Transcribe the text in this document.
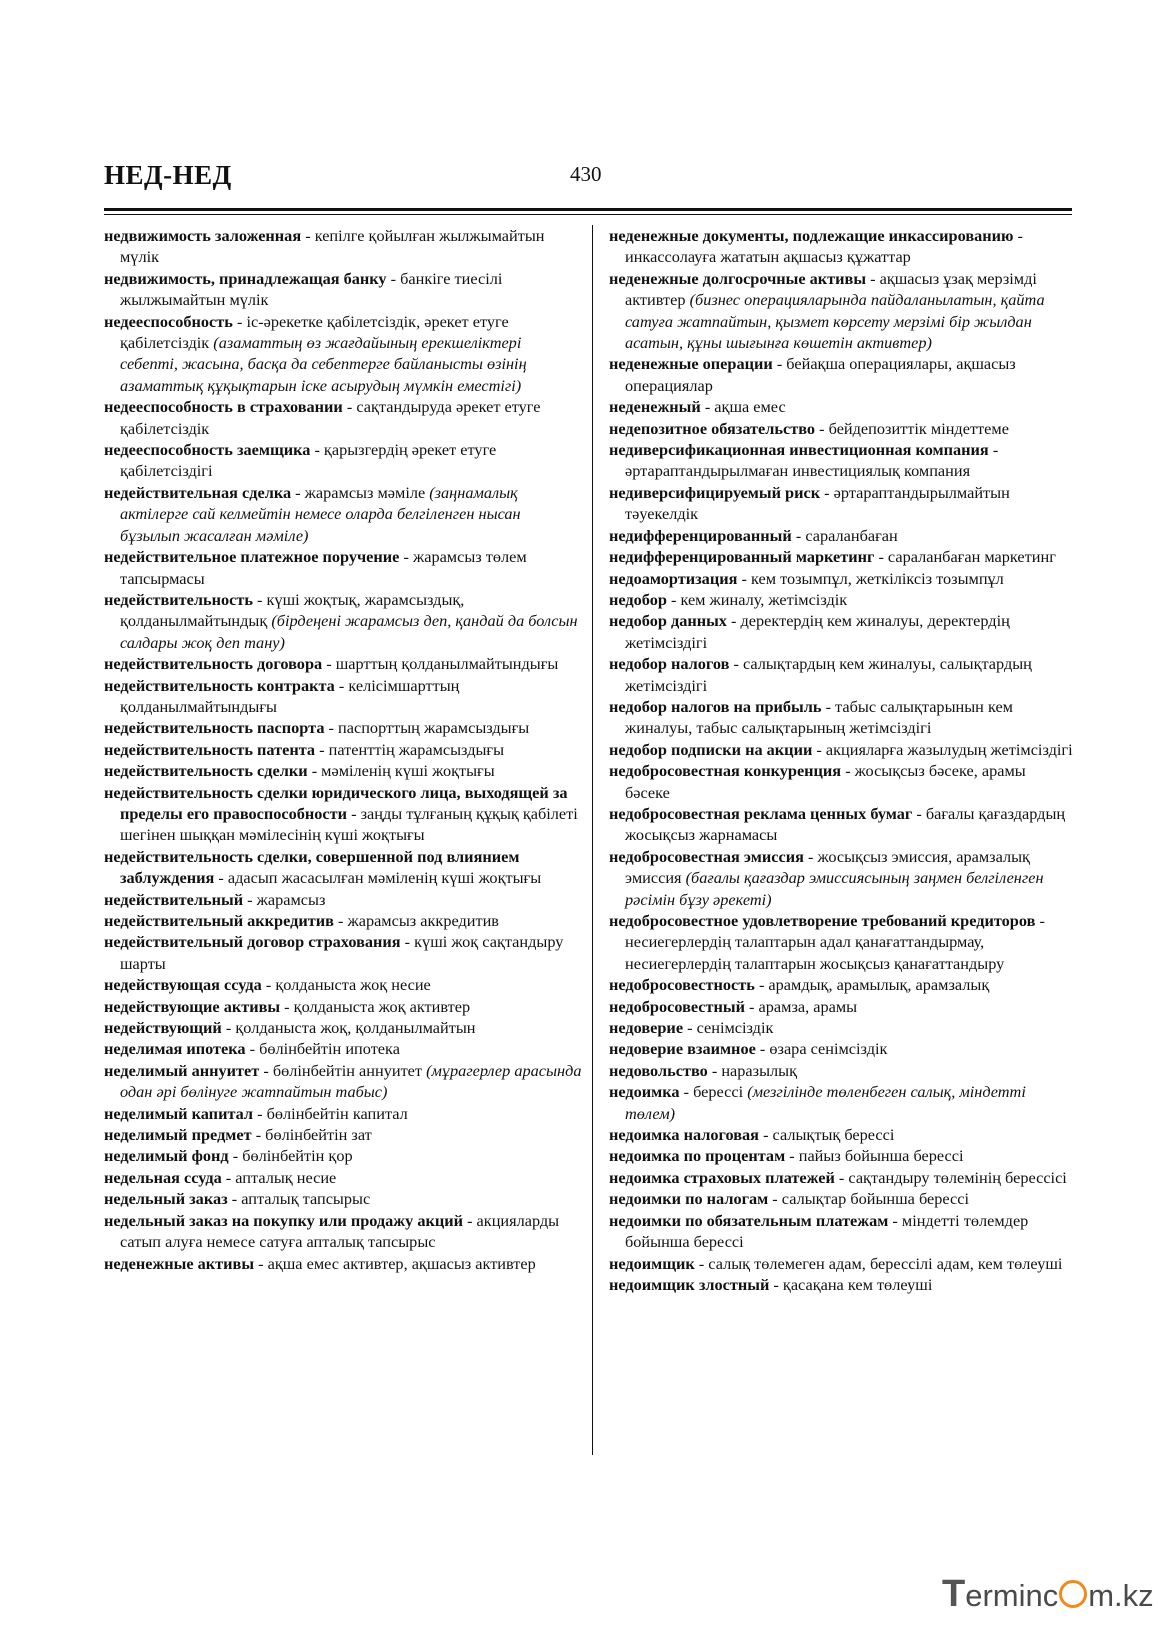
НЕД-НЕД	430

недвижимость заложенная - кепілге қойылған жылжымайтын мүлік

недвижимость, принадлежащая банку - банкіге тиесілі жылжымайтын мүлік

недееспособность - іс-әрекетке қабілетсіздік, әрекет етуге қабілетсіздік (азаматтың өз жағдайының ерекшеліктері себепті, жасына, басқа да себептерге байланысты өзінің азаматтық құқықтарын іске асырудың мүмкін еместігі)

недееспособность в страховании - сақтандыруда әрекет етуге қабілетсіздік

недееспособность заемщика - қарызгердің әрекет етуге қабілетсіздігі

недействительная сделка - жарамсыз мәміле (заңнамалық актілерге сай келмейтін немесе оларда белгіленген нысан бұзылып жасалған мәміле)

недействительное платежное поручение - жарамсыз төлем тапсырмасы

недействительность - күші жоқтық, жарамсыздық, қолданылмайтындық (бірдеңені жарамсыз деп, қандай да болсын салдары жоқ деп тану)

недействительность договора - шарттың қолданылмайтындығы

недействительность контракта - келісімшарттың қолданылмайтындығы

недействительность паспорта - паспорттың жарамсыздығы

недействительность патента - патенттің жарамсыздығы

недействительность сделки - мәміленің күші жоқтығы

недействительность сделки юридического лица, выходящей за пределы его правоспособности - заңды тұлғаның құқық қабілеті шегінен шыққан мәмілесінің күші жоқтығы

недействительность сделки, совершенной под влиянием заблуждения - адасып жасасылған мәміленің күші жоқтығы

недействительный - жарамсыз

недействительный аккредитив - жарамсыз аккредитив

недействительный договор страхования - күші жоқ сақтандыру шарты

недействующая ссуда - қолданыста жоқ несие

недействующие активы - қолданыста жоқ активтер

недействующий - қолданыста жоқ, қолданылмайтын

неделимая ипотека - бөлінбейтін ипотека

неделимый аннуитет - бөлінбейтін аннуитет (мұрагерлер арасында одан әрі бөлінуге жатпайтын табыс)

неделимый капитал - бөлінбейтін капитал

неделимый предмет - бөлінбейтін зат

неделимый фонд - бөлінбейтін қор

недельная ссуда - апталық несие

недельный заказ - апталық тапсырыс

недельный заказ на покупку или продажу акций - акцияларды сатып алуға немесе сатуға апталық тапсырыс

неденежные активы - ақша емес активтер, ақшасыз активтер

неденежные документы, подлежащие инкассированию - инкассолауға жататын ақшасыз құжаттар

неденежные долгосрочные активы - ақшасыз ұзақ мерзімді активтер (бизнес операцияларында пайдаланылатын, қайта сатуға жатпайтын, қызмет көрсету мерзімі бір жылдан асатын, құны шығынға көшетін активтер)

неденежные операции - бейақша операциялары, ақшасыз операциялар

неденежный - ақша емес

недепозитное обязательство - бейдепозиттік міндеттеме

недиверсификационная инвестиционная компания - әртараптандырылмаған инвестициялық компания

недиверсифицируемый риск - әртараптандырылмайтын тәуекелдік

недифференцированный - сараланбаған

недифференцированный маркетинг - сараланбаған маркетинг

недоамортизация - кем тозымпұл, жеткіліксіз тозымпұл

недобор - кем жиналу, жетімсіздік

недобор данных - деректердің кем жиналуы, деректердің жетімсіздігі

недобор налогов - салықтардың кем жиналуы, салықтардың жетімсіздігі

недобор налогов на прибыль - табыс салықтарынын кем жиналуы, табыс салықтарының жетімсіздігі

недобор подписки на акции - акцияларға жазылудың жетімсіздігі

недобросовестная конкуренция - жосықсыз бәсеке, арамы бәсеке

недобросовестная реклама ценных бумаг - бағалы қағаздардың жосықсыз жарнамасы

недобросовестная эмиссия - жосықсыз эмиссия, арамзалық эмиссия (бағалы қағаздар эмиссиясының заңмен белгіленген рәсімін бұзу әрекеті)

недобросовестное удовлетворение требований кредиторов - несиегерлердің талаптарын адал қанағаттандырмау, несиегерлердің талаптарын жосықсыз қанағаттандыру

недобросовестность - арамдық, арамылық, арамзалық

недобросовестный - арамза, арамы

недоверие - сенімсіздік

недоверие взаимное - өзара сенімсіздік

недовольство - наразылық

недоимка - берессі (мезгілінде төленбеген салық, міндетті төлем)

недоимка налоговая - салықтық берессі

недоимка по процентам - пайыз бойынша берессі

недоимка страховых платежей - сақтандыру төлемінің берессісі

недоимки по налогам - салықтар бойынша берессі

недоимки по обязательным платежам - міндетті төлемдер бойынша берессі

недоимщик - салық төлемеген адам, берессілі адам, кем төлеуші

недоимщик злостный - қасақана кем төлеуші

Terminc m.kz
